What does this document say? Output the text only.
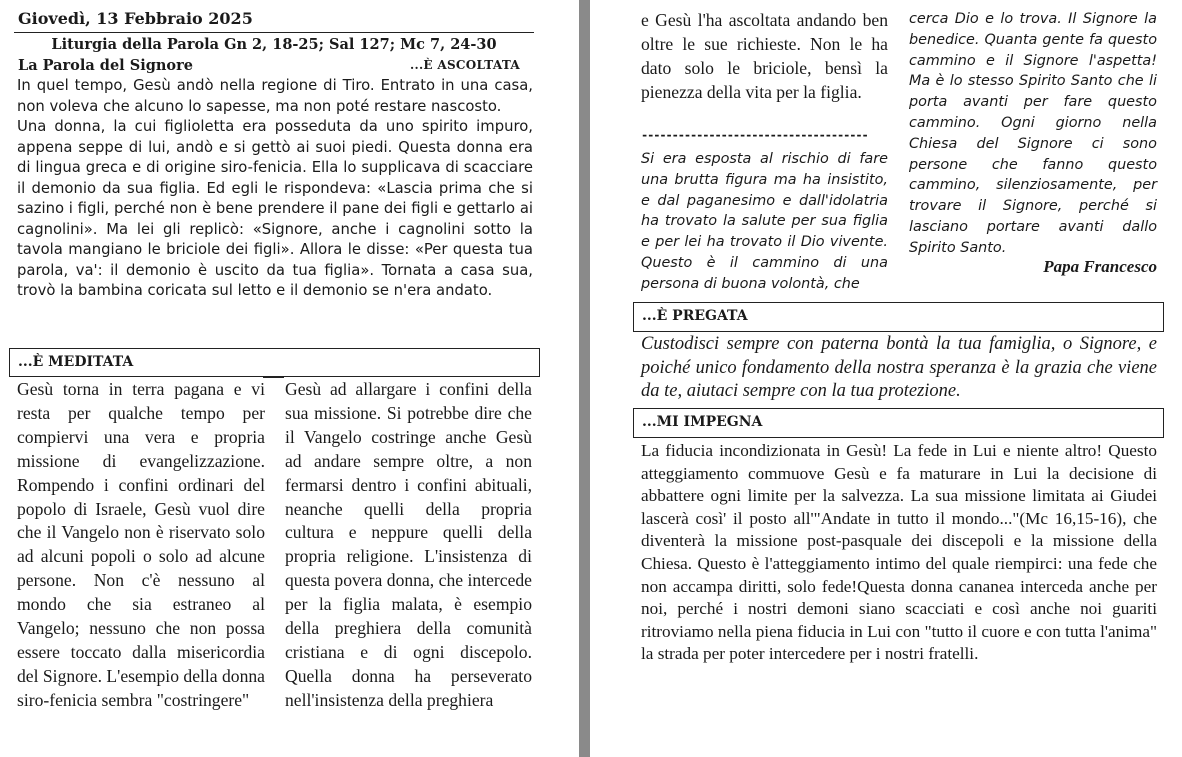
Giovedì, 13 Febbraio 2025
Liturgia della Parola Gn 2, 18-25; Sal 127; Mc 7, 24-30
La Parola del Signore	...È ASCOLTATA

In quel tempo, Gesù andò nella regione di Tiro. Entrato in una casa, non voleva che alcuno lo sapesse, ma non poté restare nascosto.

Una donna, la cui figlioletta era posseduta da uno spirito impuro, appena seppe di lui, andò e si gettò ai suoi piedi. Questa donna era di lingua greca e di origine siro-fenicia. Ella lo supplicava di scacciare il demonio da sua figlia. Ed egli le rispondeva: «Lascia prima che si sazino i figli, perché non è bene prendere il pane dei figli e gettarlo ai cagnolini». Ma lei gli replicò: «Signore, anche i cagnolini sotto la tavola mangiano le briciole dei figli». Allora le disse: «Per questa tua parola, va': il demonio è uscito da tua figlia». Tornata a casa sua, trovò la bambina coricata sul letto e il demonio se n'era andato.

...È MEDITATA

Gesù torna in terra pagana e vi resta per qualche tempo per compiervi una vera e propria missione di evangelizzazione. Rompendo i confini ordinari del popolo di Israele, Gesù vuol dire che il Vangelo non è riservato solo ad alcuni popoli o solo ad alcune persone. Non c'è nessuno al mondo che sia estraneo al Vangelo; nessuno che non possa essere toccato dalla misericordia del Signore. L'esempio della donna siro-fenicia sembra "costringere"

Gesù ad allargare i confini della sua missione. Si potrebbe dire che il Vangelo costringe anche Gesù ad andare sempre oltre, a non fermarsi dentro i confini abituali, neanche quelli della propria cultura e neppure quelli della propria religione. L'insistenza di questa povera donna, che intercede per la figlia malata, è esempio della preghiera della comunità cristiana e di ogni discepolo. Quella donna ha perseverato nell'insistenza della preghiera

e Gesù l'ha ascoltata andando ben oltre le sue richieste. Non le ha dato solo le briciole, bensì la pienezza della vita per la figlia.

-------------------------------------
Si era esposta al rischio di fare una brutta figura ma ha insistito, e dal paganesimo e dall'idolatria ha trovato la salute per sua figlia e per lei ha trovato il Dio vivente. Questo è il cammino di una persona di buona volontà, che
cerca Dio e lo trova. Il Signore la benedice. Quanta gente fa questo cammino e il Signore l'aspetta! Ma è lo stesso Spirito Santo che li porta avanti per fare questo cammino. Ogni giorno nella Chiesa del Signore ci sono persone che fanno questo cammino, silenziosamente, per trovare il Signore, perché si lasciano portare avanti dallo Spirito Santo.
Papa Francesco
...È PREGATA
Custodisci sempre con paterna bontà la tua famiglia, o Signore, e poiché unico fondamento della nostra speranza è la grazia che viene da te, aiutaci sempre con la tua protezione.
...MI IMPEGNA
La fiducia incondizionata in Gesù! La fede in Lui e niente altro! Questo atteggiamento commuove Gesù e fa maturare in Lui la decisione di abbattere ogni limite per la salvezza. La sua missione limitata ai Giudei lascerà così' il posto all'"Andate in tutto il mondo..."(Mc 16,15-16), che diventerà la missione post-pasquale dei discepoli e la missione della Chiesa. Questo è l'atteggiamento intimo del quale riempirci: una fede che non accampa diritti, solo fede!Questa donna cananea interceda anche per noi, perché i nostri demoni siano scacciati e così anche noi guariti ritroviamo nella piena fiducia in Lui con "tutto il cuore e con tutta l'anima" la strada per poter intercedere per i nostri fratelli.
